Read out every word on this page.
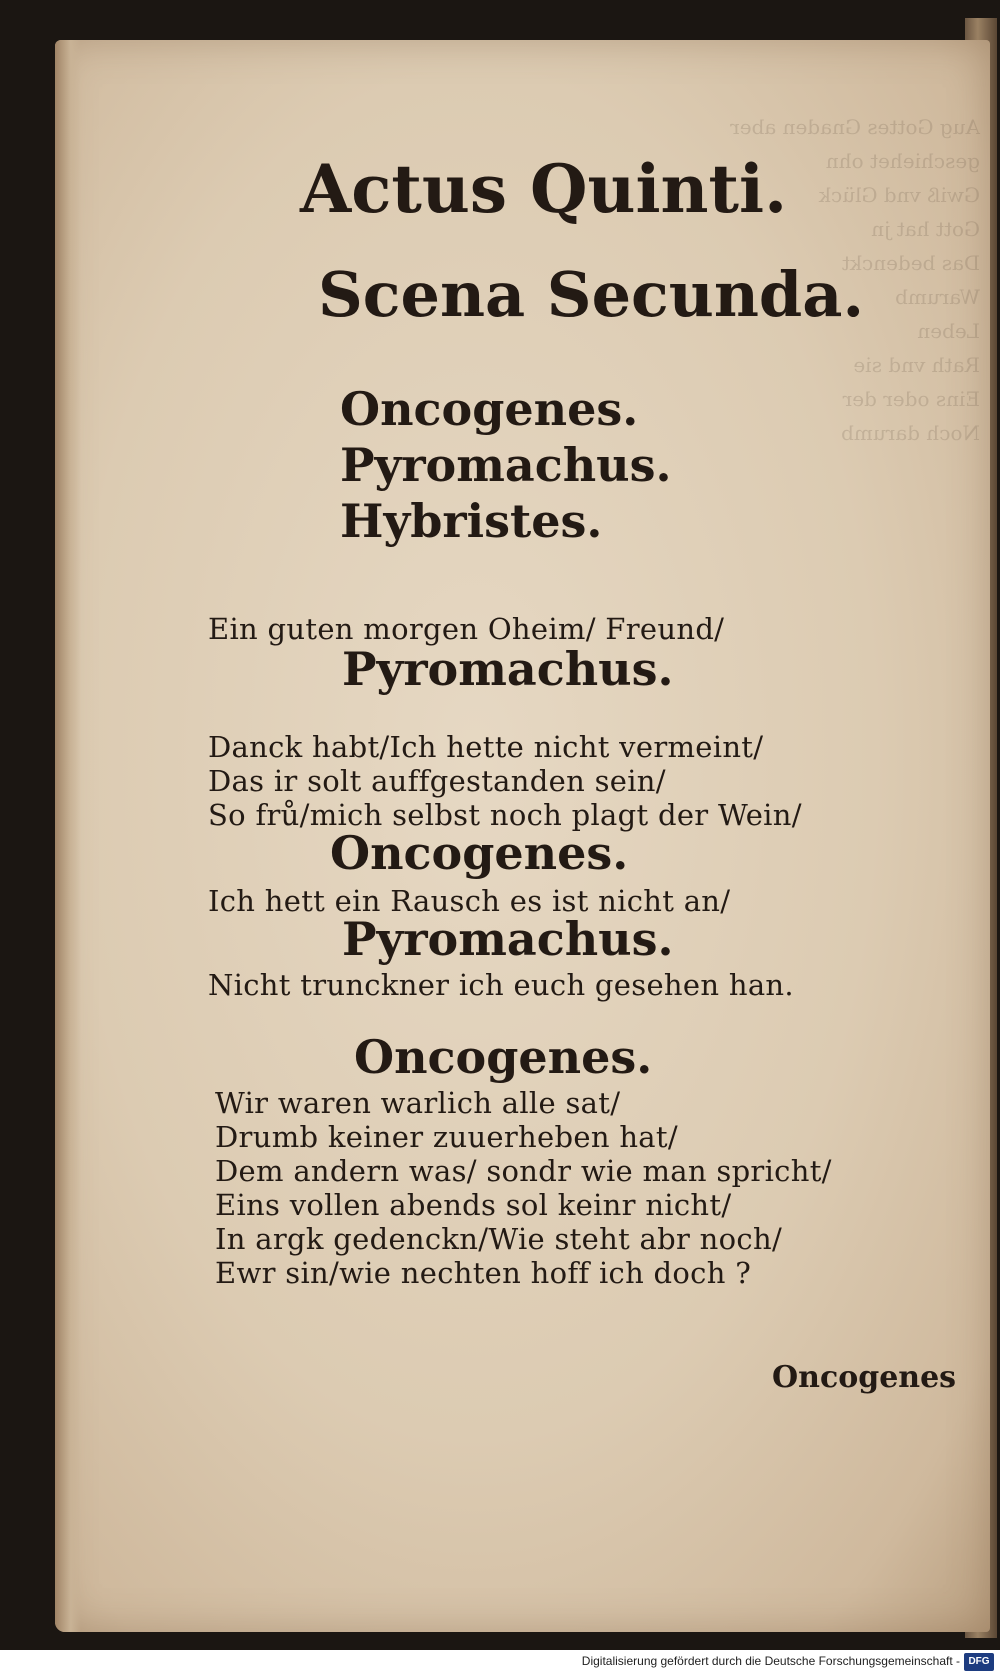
Actus Quinti.
Scena Secunda.
Oncogenes.
Pyromachus.
Hybristes.
Ein guten morgen Oheim/ Freund/
Pyromachus.
Danck habt/Ich hette nicht vermeint/
Das ir solt auffgestanden sein/
So frů/mich selbst noch plagt der Wein/
Oncogenes.
Ich hett ein Rausch es ist nicht an/
Pyromachus.
Nicht trunckner ich euch gesehen han.
Oncogenes.
Wir waren warlich alle sat/
Drumb keiner zuuerheben hat/
Dem andern was/ sondr wie man spricht/
Eins vollen abends sol keinr nicht/
In argk gedenckn/Wie steht abr noch/
Ewr sin/wie nechten hoff ich doch ?
Oncogenes
Digitalisierung gefördert durch die Deutsche Forschungsgemeinschaft - DFG
